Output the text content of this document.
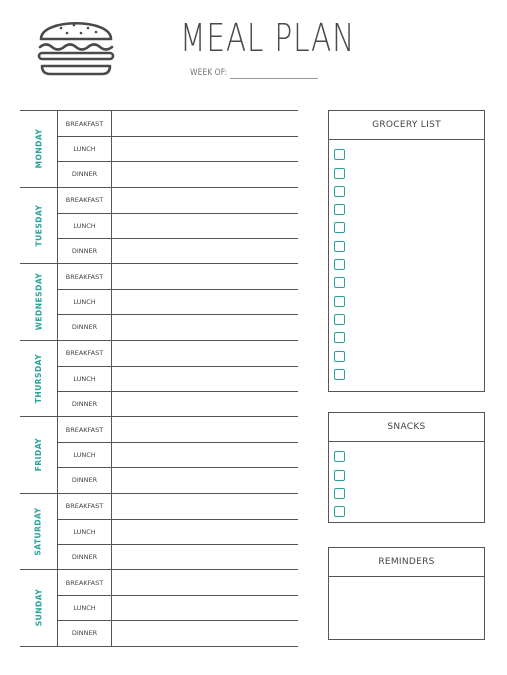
MEAL PLAN
WEEK OF:
MONDAY
BREAKFAST
LUNCH
DINNER
TUESDAY
BREAKFAST
LUNCH
DINNER
WEDNESDAY	BREAKFAST
LUNCH
DINNER
THURSDAY
BREAKFAST
LUNCH
DINNER
FRIDAY
BREAKFAST
LUNCH
DINNER
SATURDAY
BREAKFAST
LUNCH
DINNER
SUNDAY
BREAKFAST
LUNCH
DINNER
GROCERY LIST
SNACKS
REMINDERS
